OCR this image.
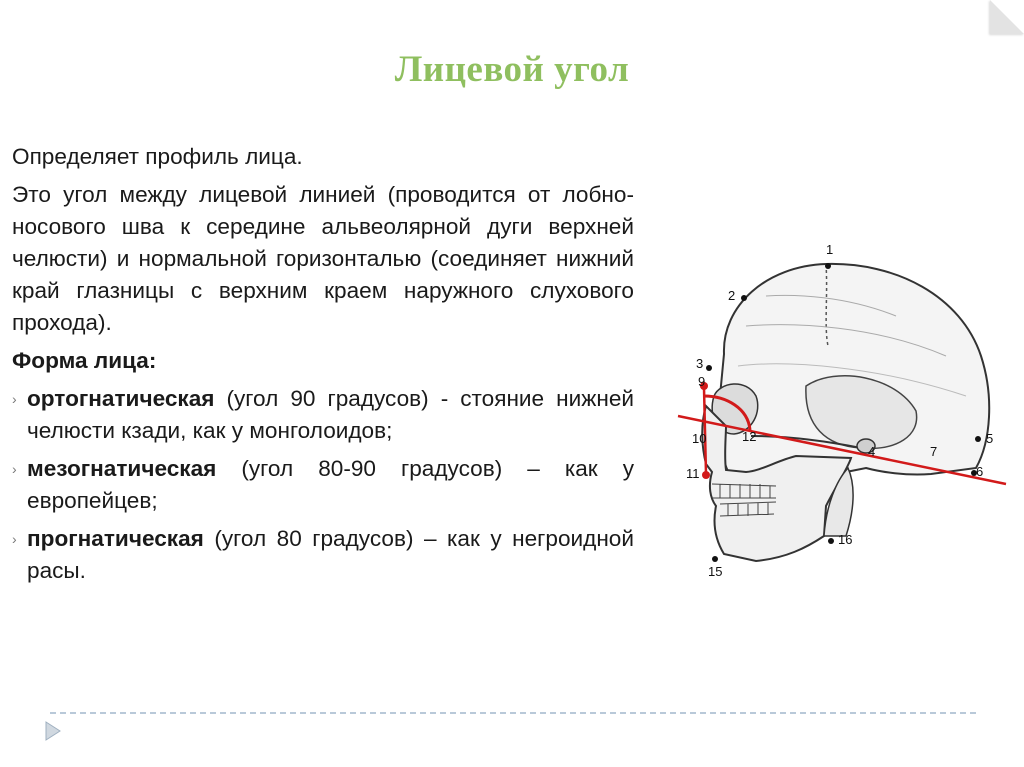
Лицевой угол

Определяет профиль лица.

Это угол между лицевой линией (проводится от лобно-носового шва к середине альвеолярной дуги верхней челюсти) и нормальной горизонталью (соединяет нижний край глазницы с верхним краем наружного слухового прохода).

Форма лица:

› ортогнатическая (угол 90 градусов) - стояние нижней челюсти кзади, как у монголоидов;

› мезогнатическая (угол 80-90 градусов) – как у европейцев;

› прогнатическая (угол 80 градусов) – как у негроидной расы.

1
2
3
9
10
11
12
4
5
6
7
16
15
